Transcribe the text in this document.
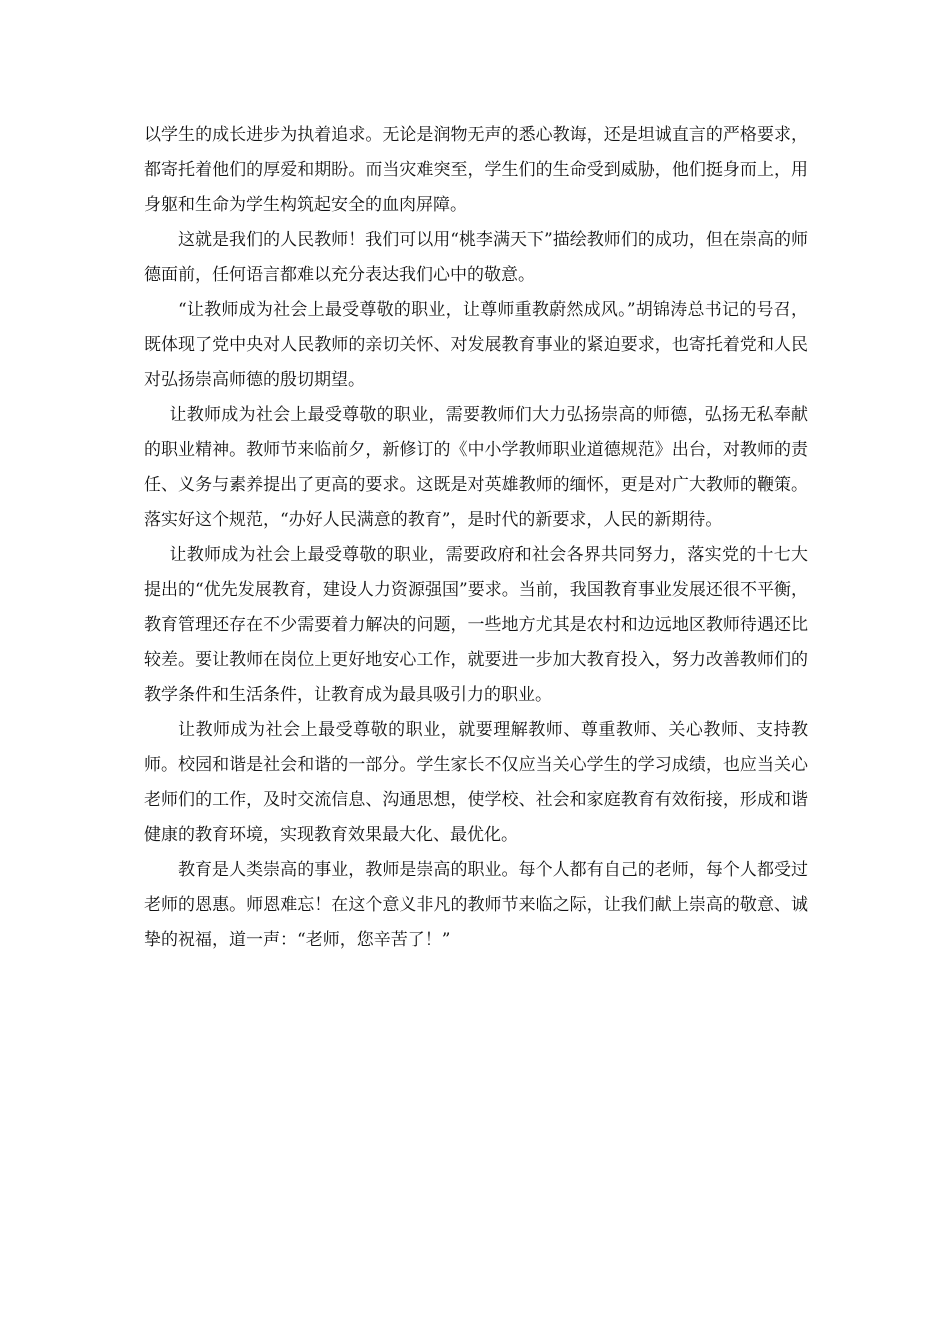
以学生的成长进步为执着追求。无论是润物无声的悉心教诲，还是坦诚直言的严格要求，都寄托着他们的厚爱和期盼。而当灾难突至，学生们的生命受到威胁，他们挺身而上，用身躯和生命为学生构筑起安全的血肉屏障。

这就是我们的人民教师！我们可以用“桃李满天下”描绘教师们的成功，但在崇高的师德面前，任何语言都难以充分表达我们心中的敬意。

“让教师成为社会上最受尊敬的职业，让尊师重教蔚然成风。”胡锦涛总书记的号召，既体现了党中央对人民教师的亲切关怀、对发展教育事业的紧迫要求，也寄托着党和人民对弘扬崇高师德的殷切期望。

让教师成为社会上最受尊敬的职业，需要教师们大力弘扬崇高的师德，弘扬无私奉献的职业精神。教师节来临前夕，新修订的《中小学教师职业道德规范》出台，对教师的责任、义务与素养提出了更高的要求。这既是对英雄教师的缅怀，更是对广大教师的鞭策。落实好这个规范，“办好人民满意的教育”，是时代的新要求，人民的新期待。

让教师成为社会上最受尊敬的职业，需要政府和社会各界共同努力，落实党的十七大提出的“优先发展教育，建设人力资源强国”要求。当前，我国教育事业发展还很不平衡，教育管理还存在不少需要着力解决的问题，一些地方尤其是农村和边远地区教师待遇还比较差。要让教师在岗位上更好地安心工作，就要进一步加大教育投入，努力改善教师们的教学条件和生活条件，让教育成为最具吸引力的职业。

让教师成为社会上最受尊敬的职业，就要理解教师、尊重教师、关心教师、支持教师。校园和谐是社会和谐的一部分。学生家长不仅应当关心学生的学习成绩，也应当关心老师们的工作，及时交流信息、沟通思想，使学校、社会和家庭教育有效衔接，形成和谐健康的教育环境，实现教育效果最大化、最优化。

教育是人类崇高的事业，教师是崇高的职业。每个人都有自己的老师，每个人都受过老师的恩惠。师恩难忘！在这个意义非凡的教师节来临之际，让我们献上崇高的敬意、诚挚的祝福，道一声：“老师，您辛苦了！”
